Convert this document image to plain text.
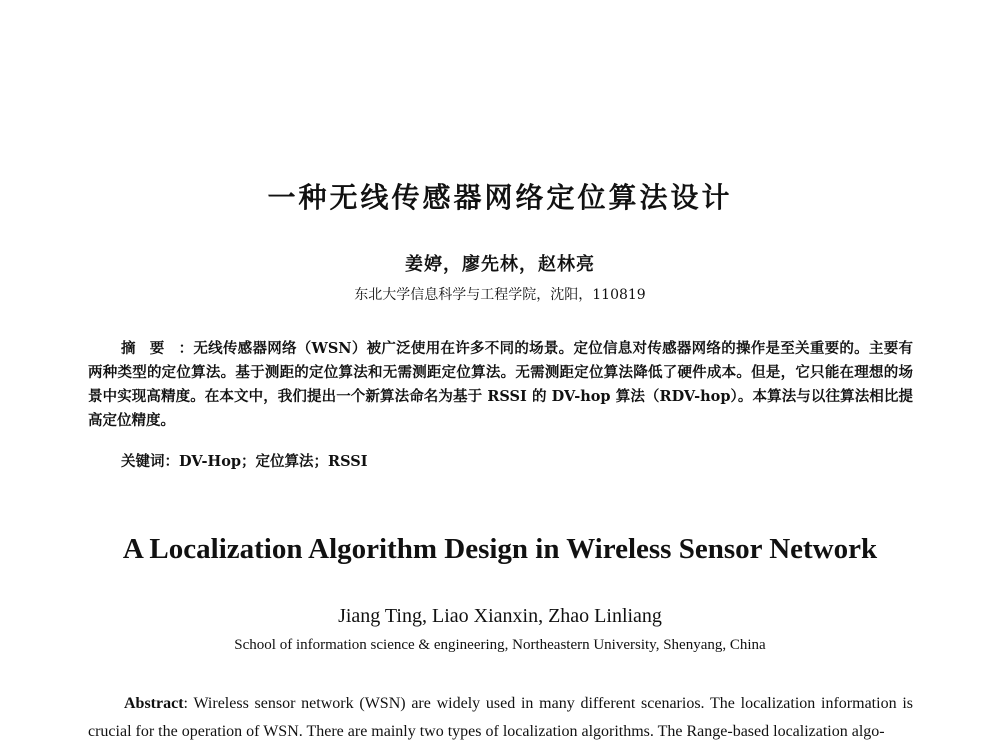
一种无线传感器网络定位算法设计
姜婷，廖先林，赵林亮
东北大学信息科学与工程学院，沈阳，110819
摘要：无线传感器网络（WSN）被广泛使用在许多不同的场景。定位信息对传感器网络的操作是至关重要的。主要有两种类型的定位算法。基于测距的定位算法和无需测距定位算法。无需测距定位算法降低了硬件成本。但是，它只能在理想的场景中实现高精度。在本文中，我们提出一个新算法命名为基于 RSSI 的 DV-hop 算法（RDV-hop）。本算法与以往算法相比提高定位精度。
关键词：DV-Hop；定位算法；RSSI
A Localization Algorithm Design in Wireless Sensor Network
Jiang Ting, Liao Xianxin, Zhao Linliang
School of information science & engineering, Northeastern University, Shenyang, China
Abstract: Wireless sensor network (WSN) are widely used in many different scenarios. The localization information is crucial for the operation of WSN. There are mainly two types of localization algorithms. The Range-based localization algo-
